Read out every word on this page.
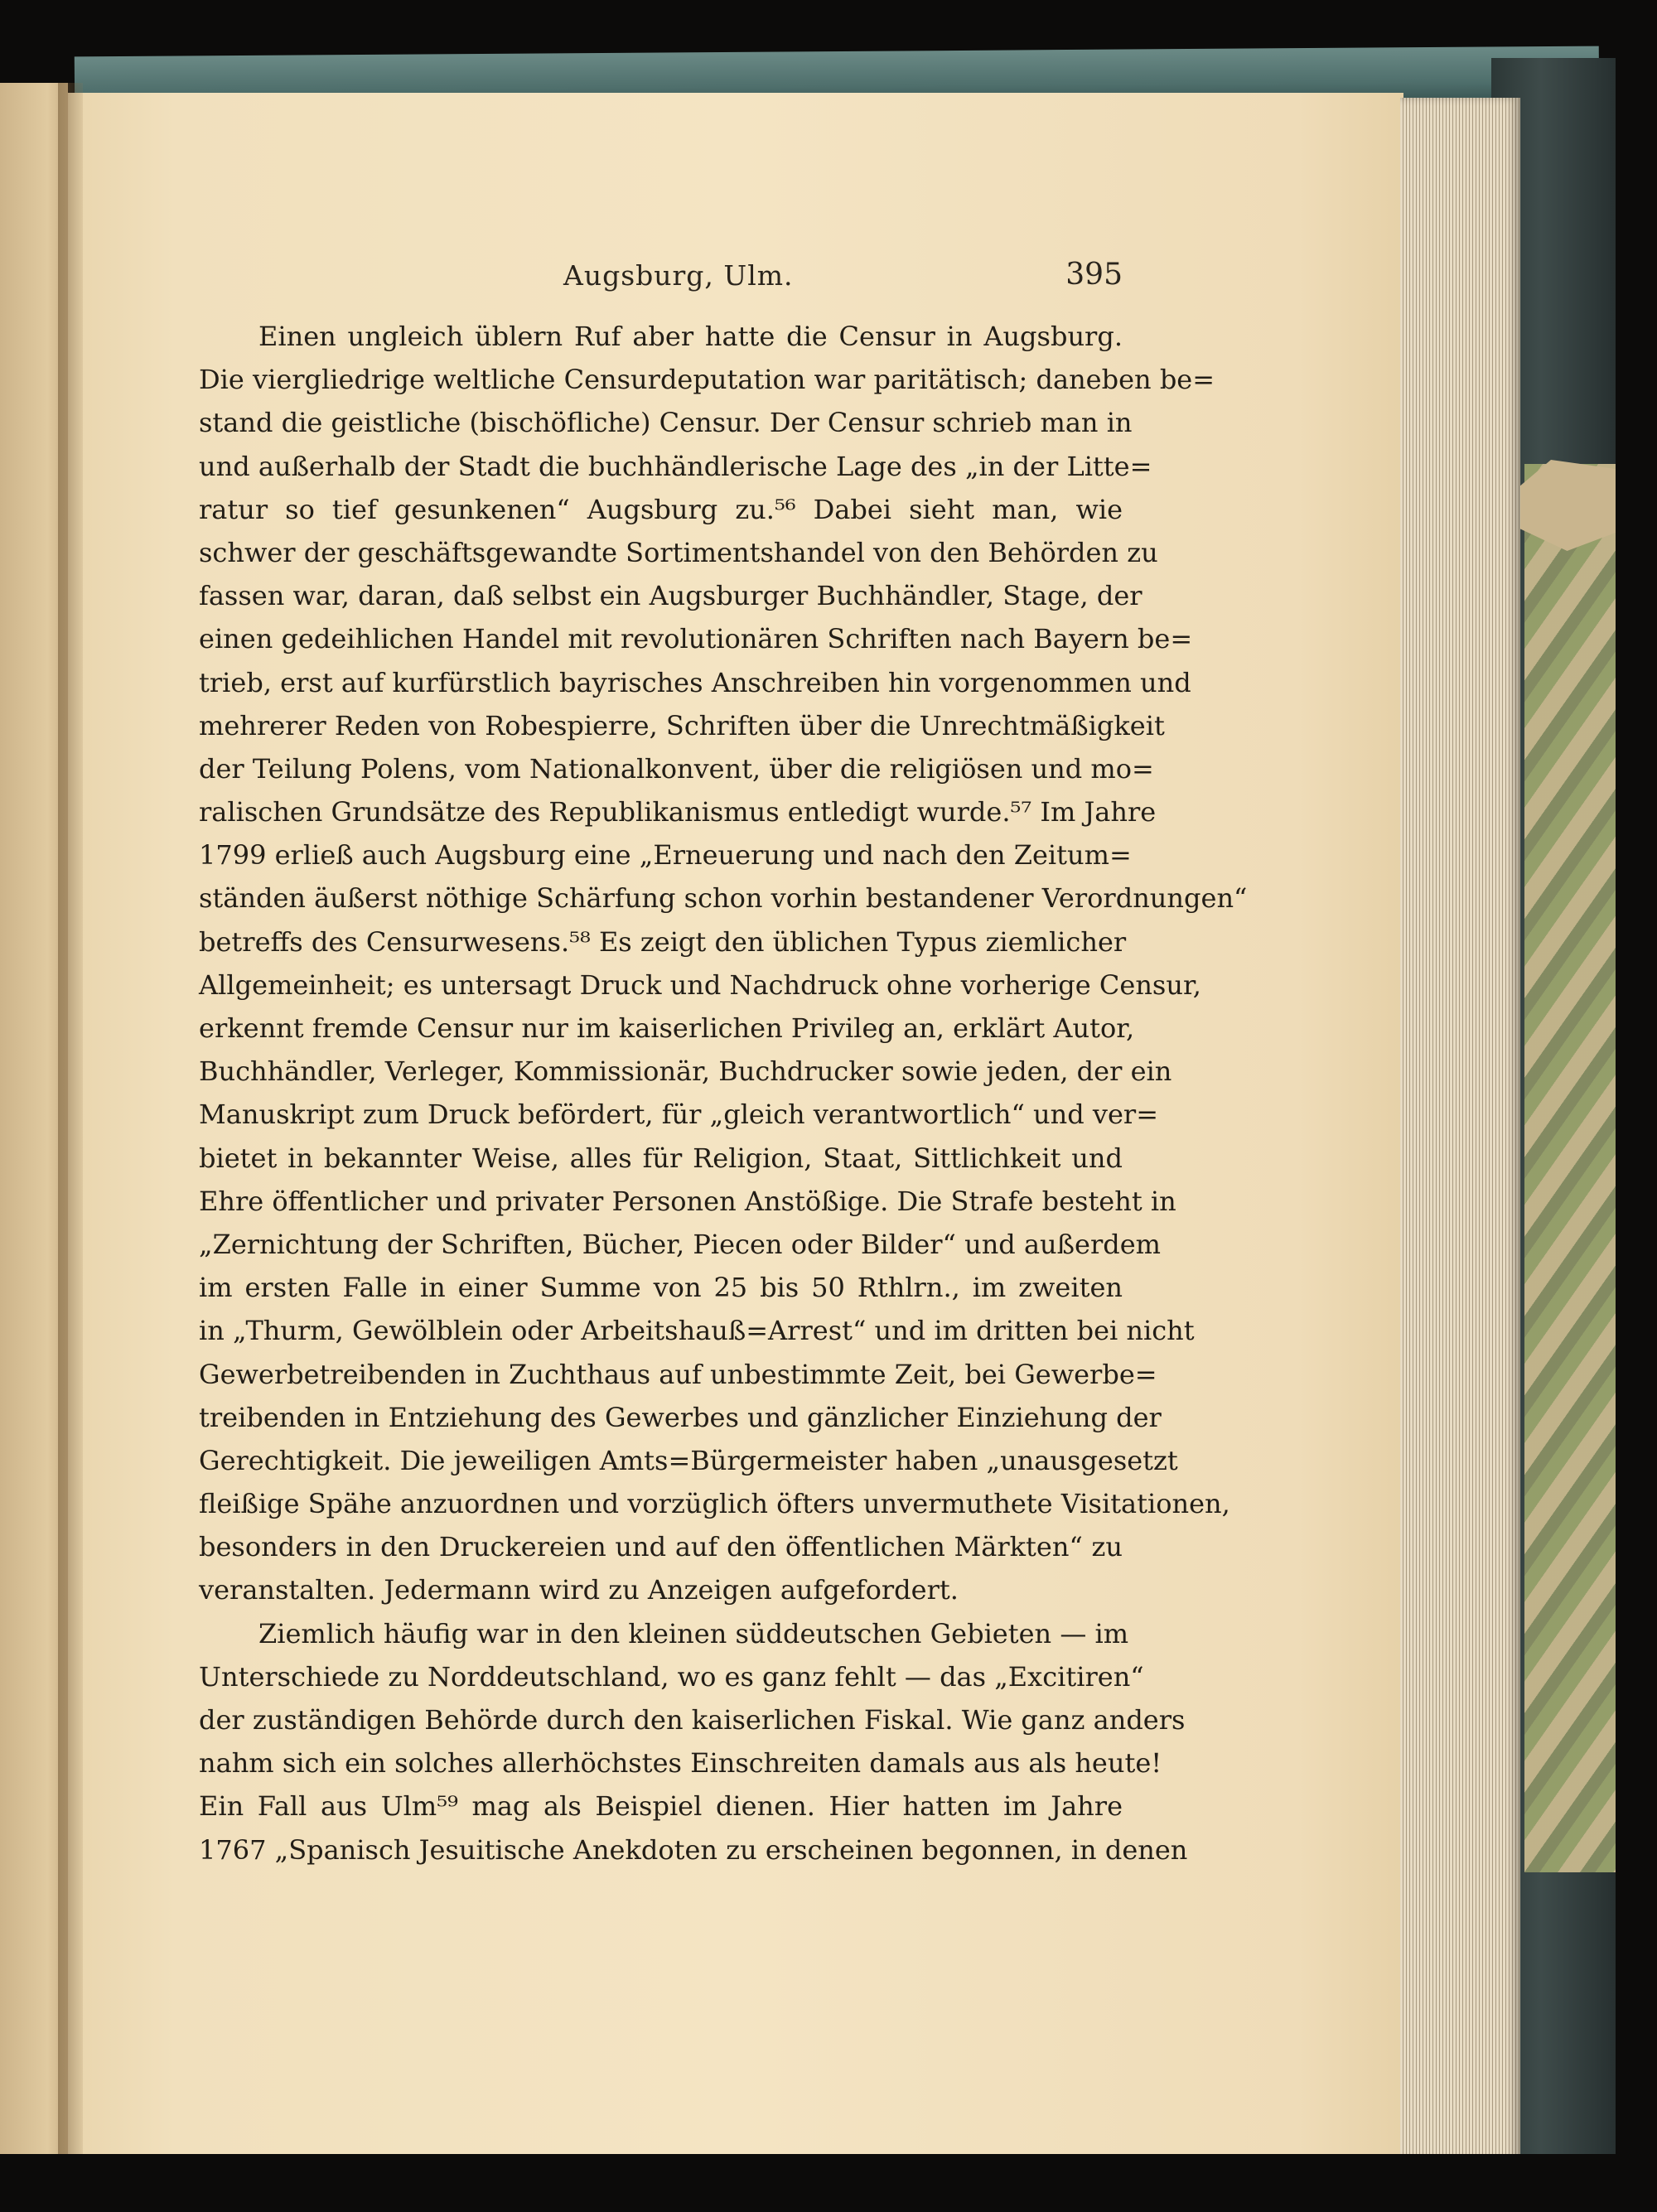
Augsburg, Ulm.	395
Einen ungleich üblern Ruf aber hatte die Censur in Augsburg.
Die viergliedrige weltliche Censurdeputation war paritätisch; daneben be=
stand die geistliche (bischöfliche) Censur. Der Censur schrieb man in
und außerhalb der Stadt die buchhändlerische Lage des „in der Litte=
ratur so tief gesunkenen“ Augsburg zu.⁵⁶ Dabei sieht man, wie
schwer der geschäftsgewandte Sortimentshandel von den Behörden zu
fassen war, daran, daß selbst ein Augsburger Buchhändler, Stage, der
einen gedeihlichen Handel mit revolutionären Schriften nach Bayern be=
trieb, erst auf kurfürstlich bayrisches Anschreiben hin vorgenommen und
mehrerer Reden von Robespierre, Schriften über die Unrechtmäßigkeit
der Teilung Polens, vom Nationalkonvent, über die religiösen und mo=
ralischen Grundsätze des Republikanismus entledigt wurde.⁵⁷ Im Jahre
1799 erließ auch Augsburg eine „Erneuerung und nach den Zeitum=
ständen äußerst nöthige Schärfung schon vorhin bestandener Verordnungen“
betreffs des Censurwesens.⁵⁸ Es zeigt den üblichen Typus ziemlicher
Allgemeinheit; es untersagt Druck und Nachdruck ohne vorherige Censur,
erkennt fremde Censur nur im kaiserlichen Privileg an, erklärt Autor,
Buchhändler, Verleger, Kommissionär, Buchdrucker sowie jeden, der ein
Manuskript zum Druck befördert, für „gleich verantwortlich“ und ver=
bietet in bekannter Weise, alles für Religion, Staat, Sittlichkeit und
Ehre öffentlicher und privater Personen Anstößige. Die Strafe besteht in
„Zernichtung der Schriften, Bücher, Piecen oder Bilder“ und außerdem
im ersten Falle in einer Summe von 25 bis 50 Rthlrn., im zweiten
in „Thurm, Gewölblein oder Arbeitshauß=Arrest“ und im dritten bei nicht
Gewerbetreibenden in Zuchthaus auf unbestimmte Zeit, bei Gewerbe=
treibenden in Entziehung des Gewerbes und gänzlicher Einziehung der
Gerechtigkeit. Die jeweiligen Amts=Bürgermeister haben „unausgesetzt
fleißige Spähe anzuordnen und vorzüglich öfters unvermuthete Visitationen,
besonders in den Druckereien und auf den öffentlichen Märkten“ zu
veranstalten. Jedermann wird zu Anzeigen aufgefordert.
Ziemlich häufig war in den kleinen süddeutschen Gebieten — im
Unterschiede zu Norddeutschland, wo es ganz fehlt — das „Excitiren“
der zuständigen Behörde durch den kaiserlichen Fiskal. Wie ganz anders
nahm sich ein solches allerhöchstes Einschreiten damals aus als heute!
Ein Fall aus Ulm⁵⁹ mag als Beispiel dienen. Hier hatten im Jahre
1767 „Spanisch Jesuitische Anekdoten zu erscheinen begonnen, in denen
